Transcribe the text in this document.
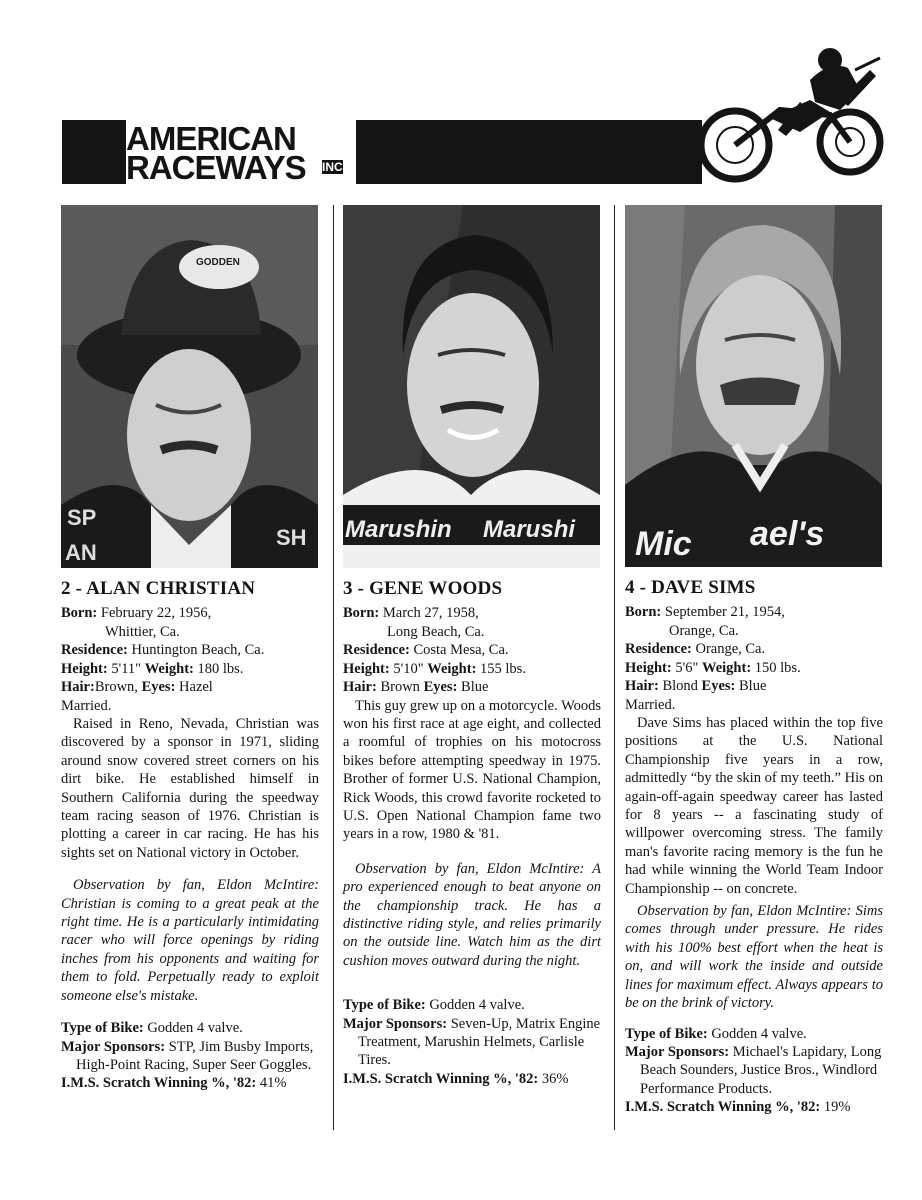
AMERICAN
RACEWAYS INC
GODDEN
SP
AN
SH
2 - ALAN CHRISTIAN
Born: February 22, 1956,
Whittier, Ca.
Residence: Huntington Beach, Ca.
Height: 5'11" Weight: 180 lbs.
Hair:Brown, Eyes: Hazel
Married.
Raised in Reno, Nevada, Christian was discovered by a sponsor in 1971, sliding around snow covered street corners on his dirt bike. He established himself in Southern California during the speedway team racing season of 1976. Christian is plotting a career in car racing. He has his sights set on National victory in October.
Observation by fan, Eldon McIntire: Christian is coming to a great peak at the right time. He is a particularly intimidating racer who will force openings by riding inches from his opponents and waiting for them to fold. Perpetually ready to exploit someone else's mistake.
Type of Bike: Godden 4 valve.
Major Sponsors: STP, Jim Busby Imports, High-Point Racing, Super Seer Goggles.
I.M.S. Scratch Winning %, '82: 41%
Marushin Marushi
3 - GENE WOODS
Born: March 27, 1958,
Long Beach, Ca.
Residence: Costa Mesa, Ca.
Height: 5'10" Weight: 155 lbs.
Hair: Brown Eyes: Blue
This guy grew up on a motorcycle. Woods won his first race at age eight, and collected a roomful of trophies on his motocross bikes before attempting speedway in 1975. Brother of former U.S. National Champion, Rick Woods, this crowd favorite rocketed to U.S. Open National Champion fame two years in a row, 1980 & '81.
Observation by fan, Eldon McIntire: A pro experienced enough to beat anyone on the championship track. He has a distinctive riding style, and relies primarily on the outside line. Watch him as the dirt cushion moves outward during the night.
Type of Bike: Godden 4 valve.
Major Sponsors: Seven-Up, Matrix Engine Treatment, Marushin Helmets, Carlisle Tires.
I.M.S. Scratch Winning %, '82: 36%
Mic ael's
4 - DAVE SIMS
Born: September 21, 1954,
Orange, Ca.
Residence: Orange, Ca.
Height: 5'6" Weight: 150 lbs.
Hair: Blond Eyes: Blue
Married.
Dave Sims has placed within the top five positions at the U.S. National Championship five years in a row, admittedly “by the skin of my teeth.” His on again-off-again speedway career has lasted for 8 years -- a fascinating study of willpower overcoming stress. The family man's favorite racing memory is the fun he had while winning the World Team Indoor Championship -- on concrete.
Observation by fan, Eldon McIntire: Sims comes through under pressure. He rides with his 100% best effort when the heat is on, and will work the inside and outside lines for maximum effect. Always appears to be on the brink of victory.
Type of Bike: Godden 4 valve.
Major Sponsors: Michael's Lapidary, Long Beach Sounders, Justice Bros., Windlord Performance Products.
I.M.S. Scratch Winning %, '82: 19%
